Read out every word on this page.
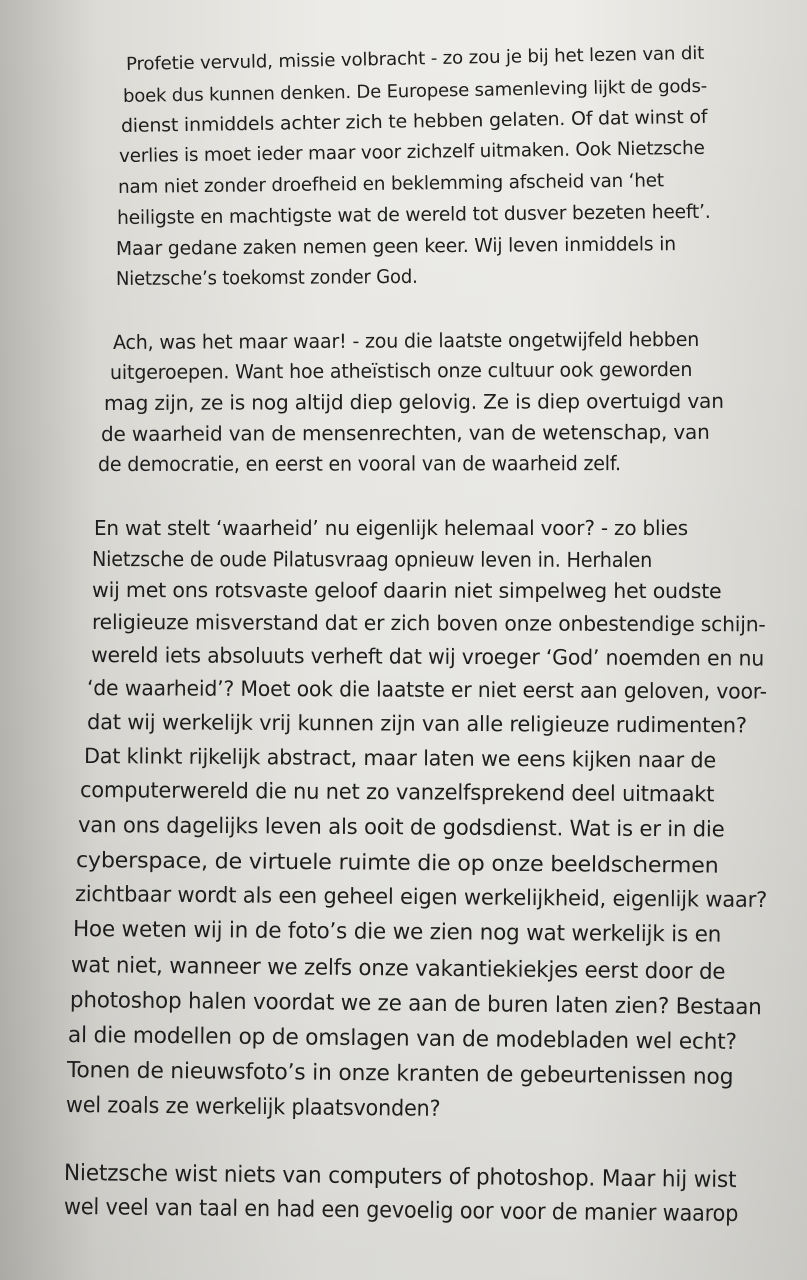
Profetie vervuld, missie volbracht - zo zou je bij het lezen van dit
boek dus kunnen denken. De Europese samenleving lijkt de gods-
dienst inmiddels achter zich te hebben gelaten. Of dat winst of
verlies is moet ieder maar voor zichzelf uitmaken. Ook Nietzsche
nam niet zonder droefheid en beklemming afscheid van ‘het
heiligste en machtigste wat de wereld tot dusver bezeten heeft’.
Maar gedane zaken nemen geen keer. Wij leven inmiddels in
Nietzsche’s toekomst zonder God.
Ach, was het maar waar! - zou die laatste ongetwijfeld hebben
uitgeroepen. Want hoe atheïstisch onze cultuur ook geworden
mag zijn, ze is nog altijd diep gelovig. Ze is diep overtuigd van
de waarheid van de mensenrechten, van de wetenschap, van
de democratie, en eerst en vooral van de waarheid zelf.
En wat stelt ‘waarheid’ nu eigenlijk helemaal voor? - zo blies
Nietzsche de oude Pilatusvraag opnieuw leven in. Herhalen
wij met ons rotsvaste geloof daarin niet simpelweg het oudste
religieuze misverstand dat er zich boven onze onbestendige schijn-
wereld iets absoluuts verheft dat wij vroeger ‘God’ noemden en nu
‘de waarheid’? Moet ook die laatste er niet eerst aan geloven, voor-
dat wij werkelijk vrij kunnen zijn van alle religieuze rudimenten?
Dat klinkt rijkelijk abstract, maar laten we eens kijken naar de
computerwereld die nu net zo vanzelfsprekend deel uitmaakt
van ons dagelijks leven als ooit de godsdienst. Wat is er in die
cyberspace, de virtuele ruimte die op onze beeldschermen
zichtbaar wordt als een geheel eigen werkelijkheid, eigenlijk waar?
Hoe weten wij in de foto’s die we zien nog wat werkelijk is en
wat niet, wanneer we zelfs onze vakantiekiekjes eerst door de
photoshop halen voordat we ze aan de buren laten zien? Bestaan
al die modellen op de omslagen van de modebladen wel echt?
Tonen de nieuwsfoto’s in onze kranten de gebeurtenissen nog
wel zoals ze werkelijk plaatsvonden?
Nietzsche wist niets van computers of photoshop. Maar hij wist
wel veel van taal en had een gevoelig oor voor de manier waarop
